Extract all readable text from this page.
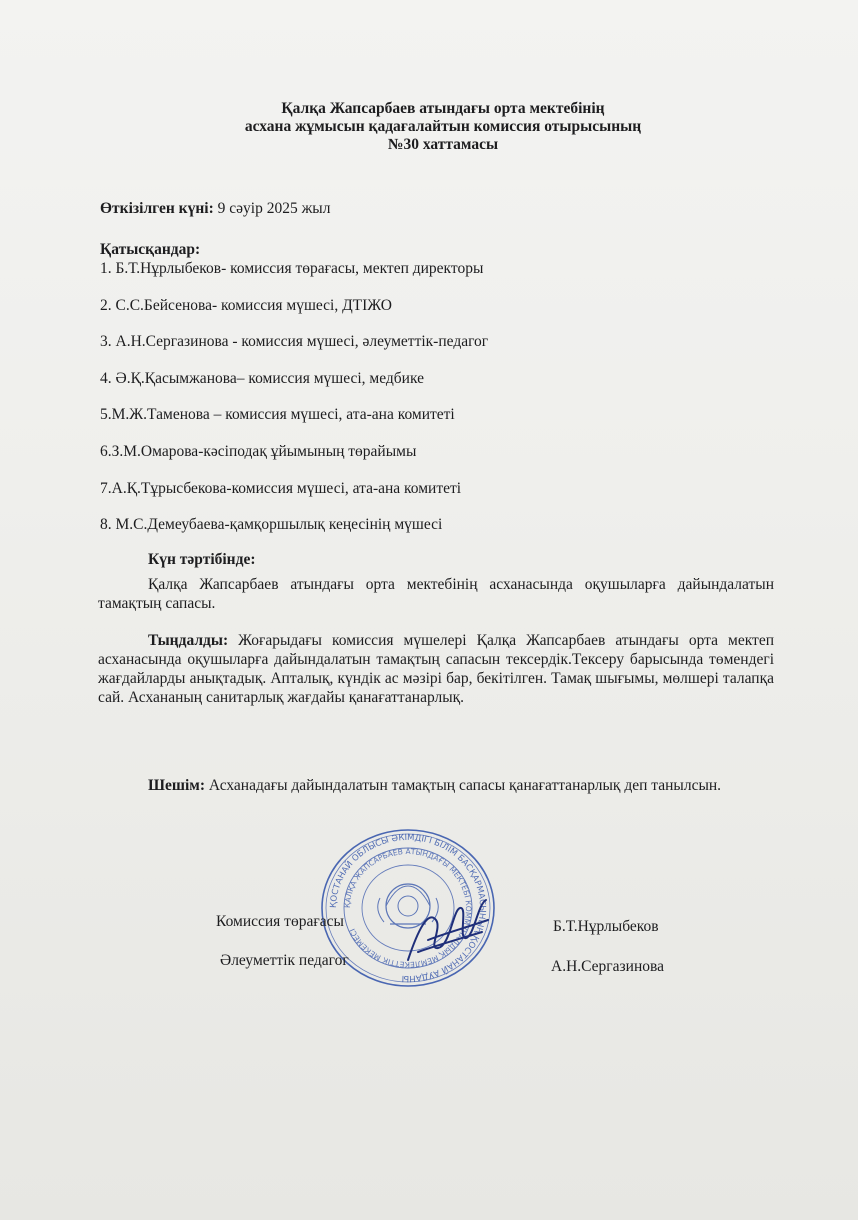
Қалқа Жапсарбаев атындағы орта мектебінің
асхана жұмысын қадағалайтын комиссия отырысының
№30 хаттамасы
Өткізілген күні: 9 сәуір 2025 жыл
Қатысқандар:
1. Б.Т.Нұрлыбеков- комиссия төрағасы, мектеп директоры
2. С.С.Бейсенова- комиссия мүшесі, ДТІЖО
3. А.Н.Сергазинова - комиссия мүшесі, әлеуметтік-педагог
4. Ә.Қ.Қасымжанова– комиссия мүшесі, медбике
5.М.Ж.Таменова – комиссия мүшесі, ата-ана комитеті
6.З.М.Омарова-кәсіподақ ұйымының төрайымы
7.А.Қ.Тұрысбекова-комиссия мүшесі, ата-ана комитеті
8. М.С.Демеубаева-қамқоршылық кеңесінің мүшесі
Күн тәртібінде:
Қалқа Жапсарбаев атындағы орта мектебінің асханасында оқушыларға дайындалатын тамақтың сапасы.
Тыңдалды: Жоғарыдағы комиссия мүшелері Қалқа Жапсарбаев атындағы орта мектеп асханасында оқушыларға дайындалатын тамақтың сапасын тексердік.Тексеру барысында төмендегі жағдайларды анықтадық. Апталық, күндік ас мәзірі бар, бекітілген. Тамақ шығымы, мөлшері талапқа сай. Асхананың санитарлық жағдайы қанағаттанарлық.
Шешім: Асханадағы дайындалатын тамақтың сапасы қанағаттанарлық деп танылсын.
ҚОСТАНАЙ ОБЛЫСЫ ӘКІМДІГІ БІЛІМ БАСҚАРМАСЫНЫҢ ҚОСТАНАЙ АУДАНЫ
ҚАЛҚА ЖАПСАРБАЕВ АТЫНДАҒЫ МЕКТЕБІ КОММУНАЛДЫҚ МЕМЛЕКЕТТІК МЕКЕМЕСІ
Комиссия төрағасы	Б.Т.Нұрлыбеков
Әлеуметтік педагог	А.Н.Сергазинова
